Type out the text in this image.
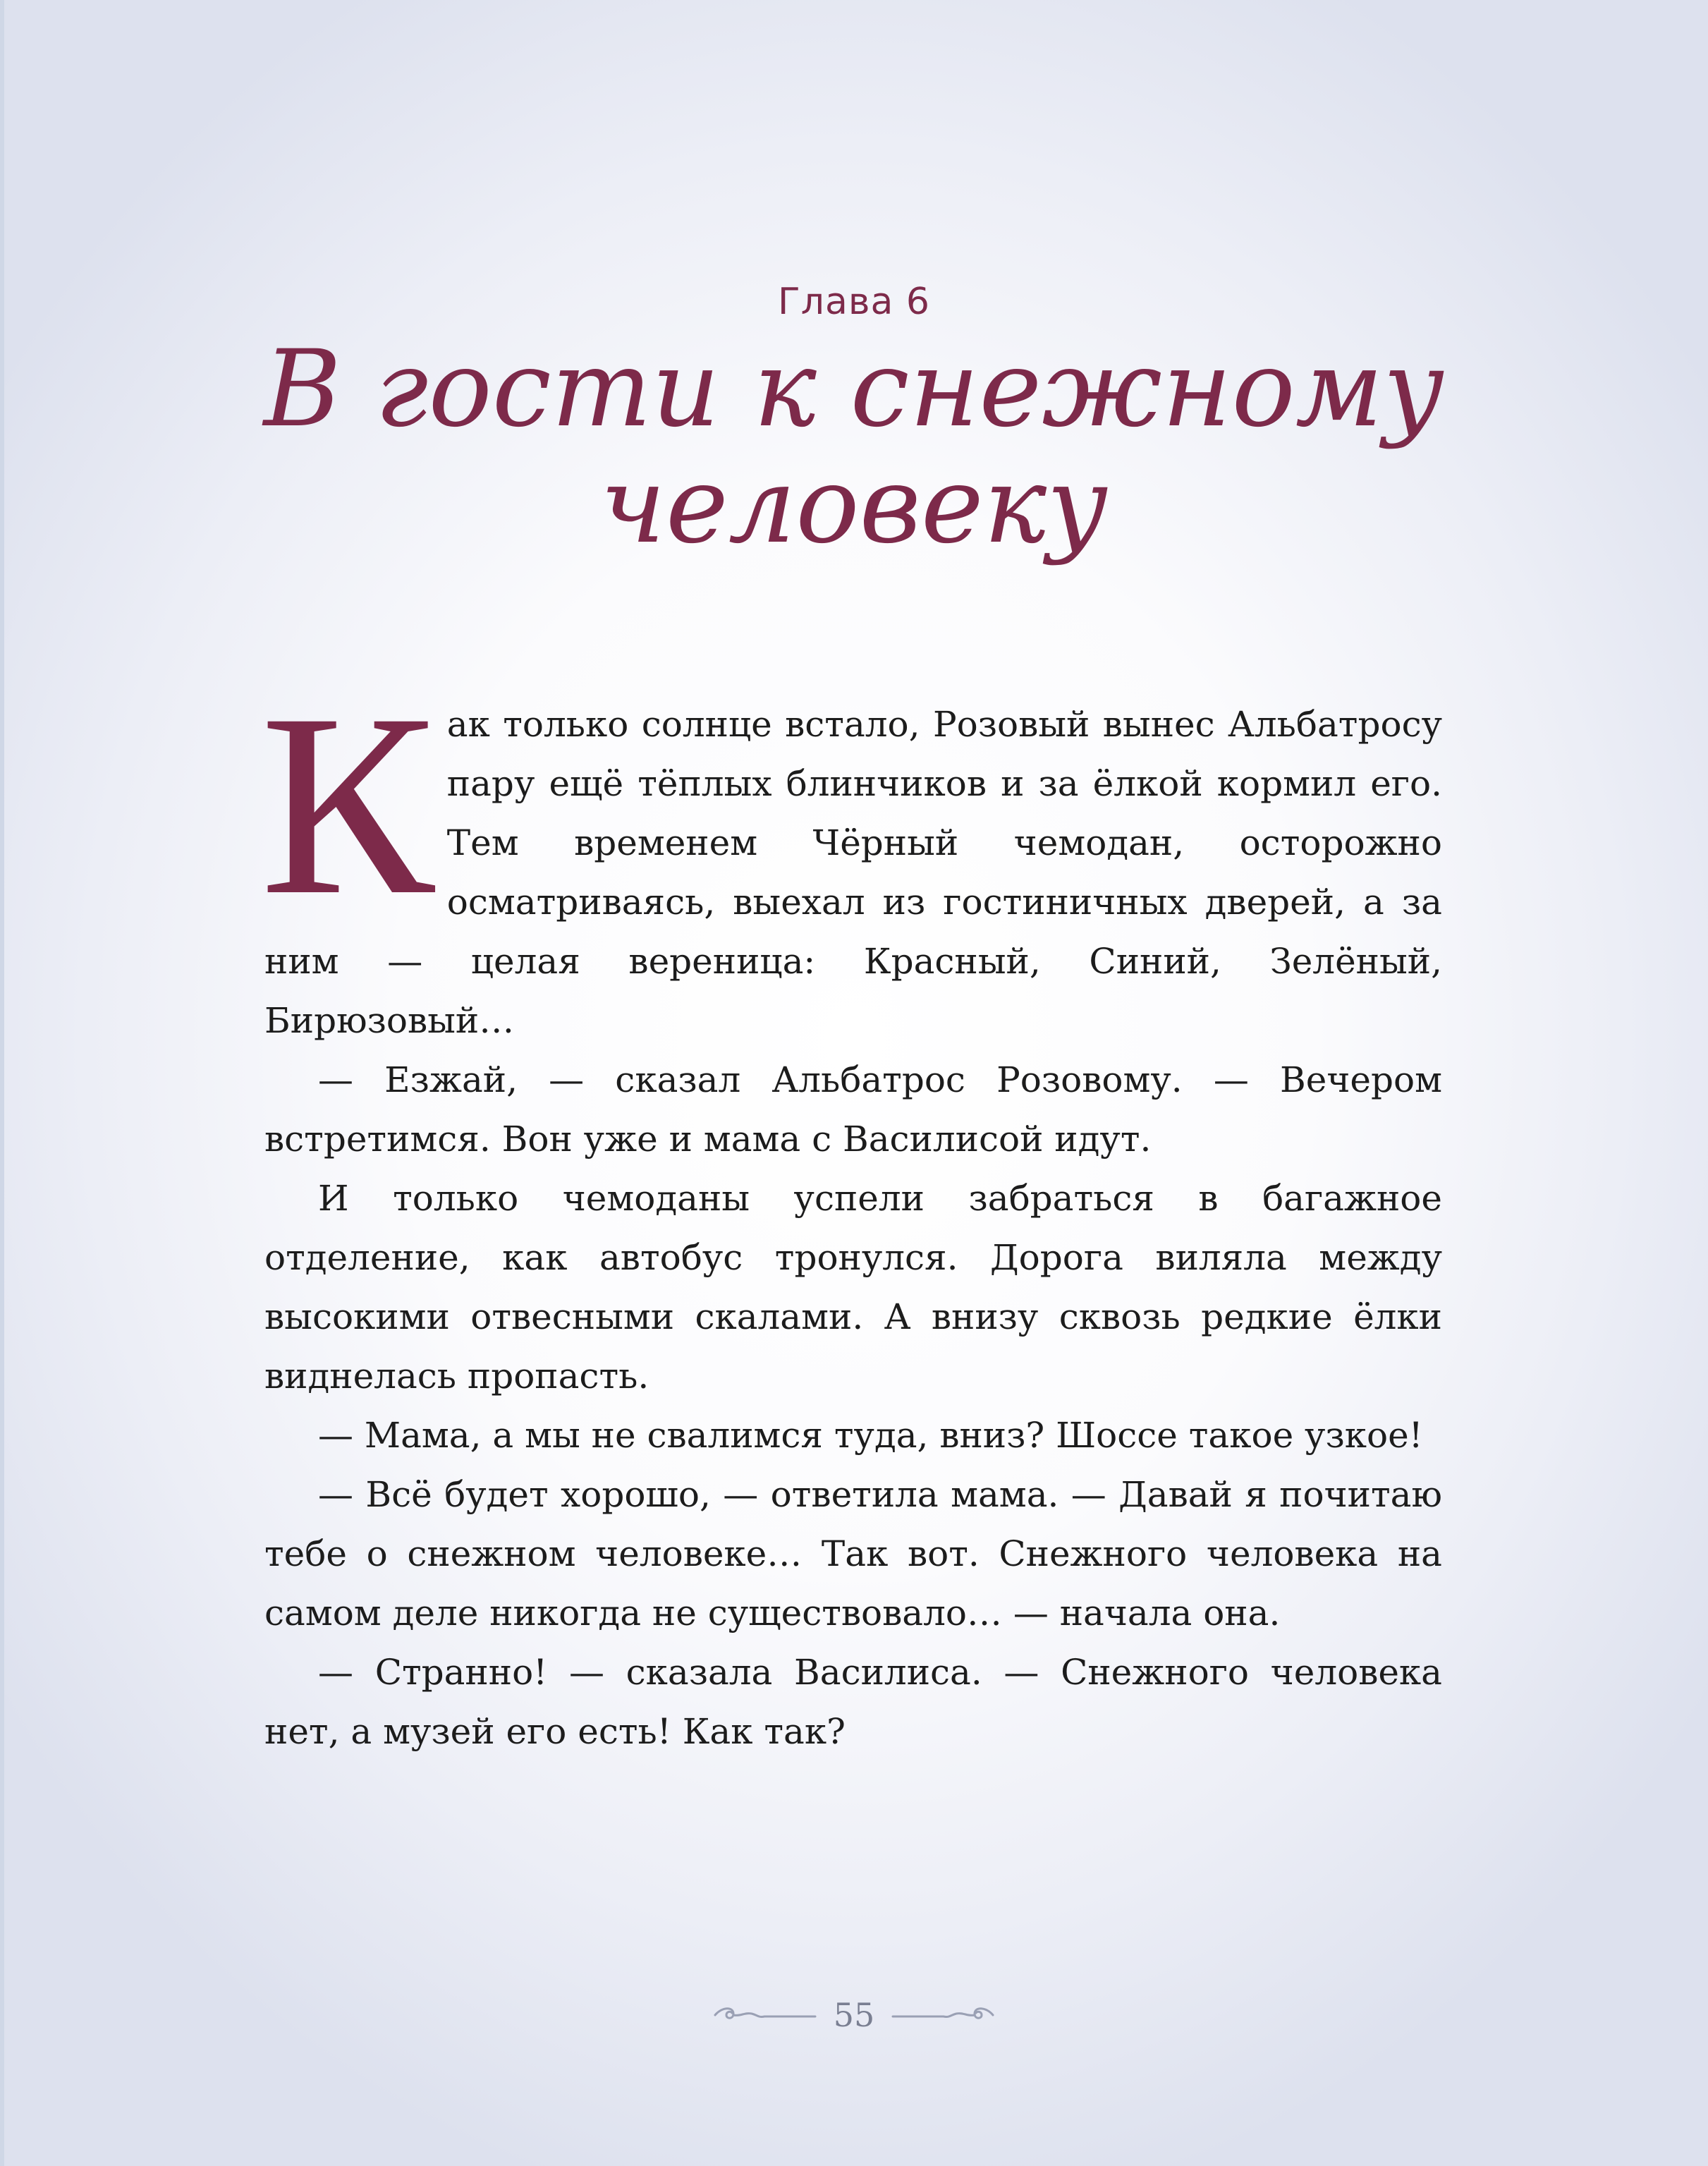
Глава 6
В гости к снежному
человеку

Как только солнце встало, Розовый вынес Альбатросу пару ещё тёплых блинчиков и за ёлкой кормил его. Тем временем Чёрный чемодан, осторожно осматриваясь, выехал из гостиничных дверей, а за ним — целая вереница: Красный, Синий, Зелёный, Бирюзовый…

— Езжай, — сказал Альбатрос Розовому. — Вечером встретимся. Вон уже и мама с Василисой идут.

И только чемоданы успели забраться в багажное отделение, как автобус тронулся. Дорога виляла между высокими отвесными скалами. А внизу сквозь редкие ёлки виднелась пропасть.

— Мама, а мы не свалимся туда, вниз? Шоссе такое узкое!

— Всё будет хорошо, — ответила мама. — Давай я почитаю тебе о снежном человеке… Так вот. Снежного человека на самом деле никогда не существовало… — начала она.

— Странно! — сказала Василиса. — Снежного человека нет, а музей его есть! Как так?

55
